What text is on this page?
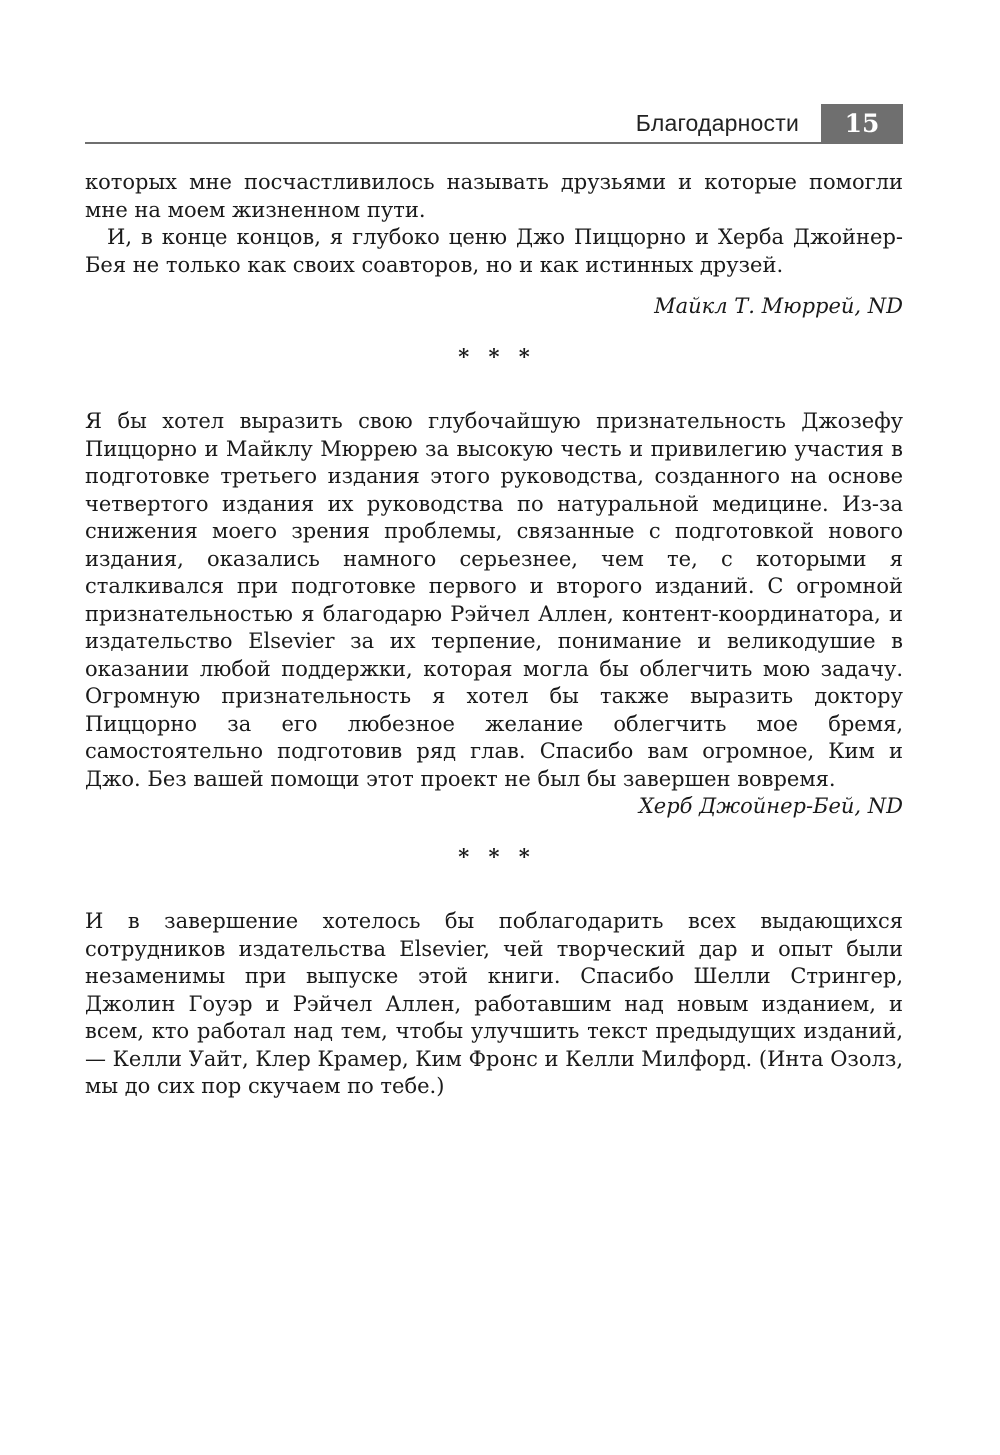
Благодарности	15

которых мне посчастливилось называть друзьями и которые помогли мне на моем жизненном пути.

И, в конце концов, я глубоко ценю Джо Пиццорно и Херба Джойнер-Бея не только как своих соавторов, но и как истинных друзей.

Майкл Т. Мюррей, ND

* * *

Я бы хотел выразить свою глубочайшую признательность Джозефу Пиццорно и Майклу Мюррею за высокую честь и привилегию участия в подготовке третьего издания этого руководства, созданного на основе четвертого издания их руководства по натуральной медицине. Из-за снижения моего зрения проблемы, связанные с подготовкой нового издания, оказались намного серьезнее, чем те, с которыми я сталкивался при подготовке первого и второго изданий. С огромной признательностью я благодарю Рэйчел Аллен, контент-координатора, и издательство Elsevier за их терпение, понимание и великодушие в оказании любой поддержки, которая могла бы облегчить мою задачу. Огромную признательность я хотел бы также выразить доктору Пиццорно за его любезное желание облегчить мое бремя, самостоятельно подготовив ряд глав. Спасибо вам огромное, Ким и Джо. Без вашей помощи этот проект не был бы завершен вовремя.

Херб Джойнер-Бей, ND

* * *

И в завершение хотелось бы поблагодарить всех выдающихся сотрудников издательства Elsevier, чей творческий дар и опыт были незаменимы при выпуске этой книги. Спасибо Шелли Стрингер, Джолин Гоуэр и Рэйчел Аллен, работавшим над новым изданием, и всем, кто работал над тем, чтобы улучшить текст предыдущих изданий, — Келли Уайт, Клер Крамер, Ким Фронс и Келли Милфорд. (Инта Озолз, мы до сих пор скучаем по тебе.)
